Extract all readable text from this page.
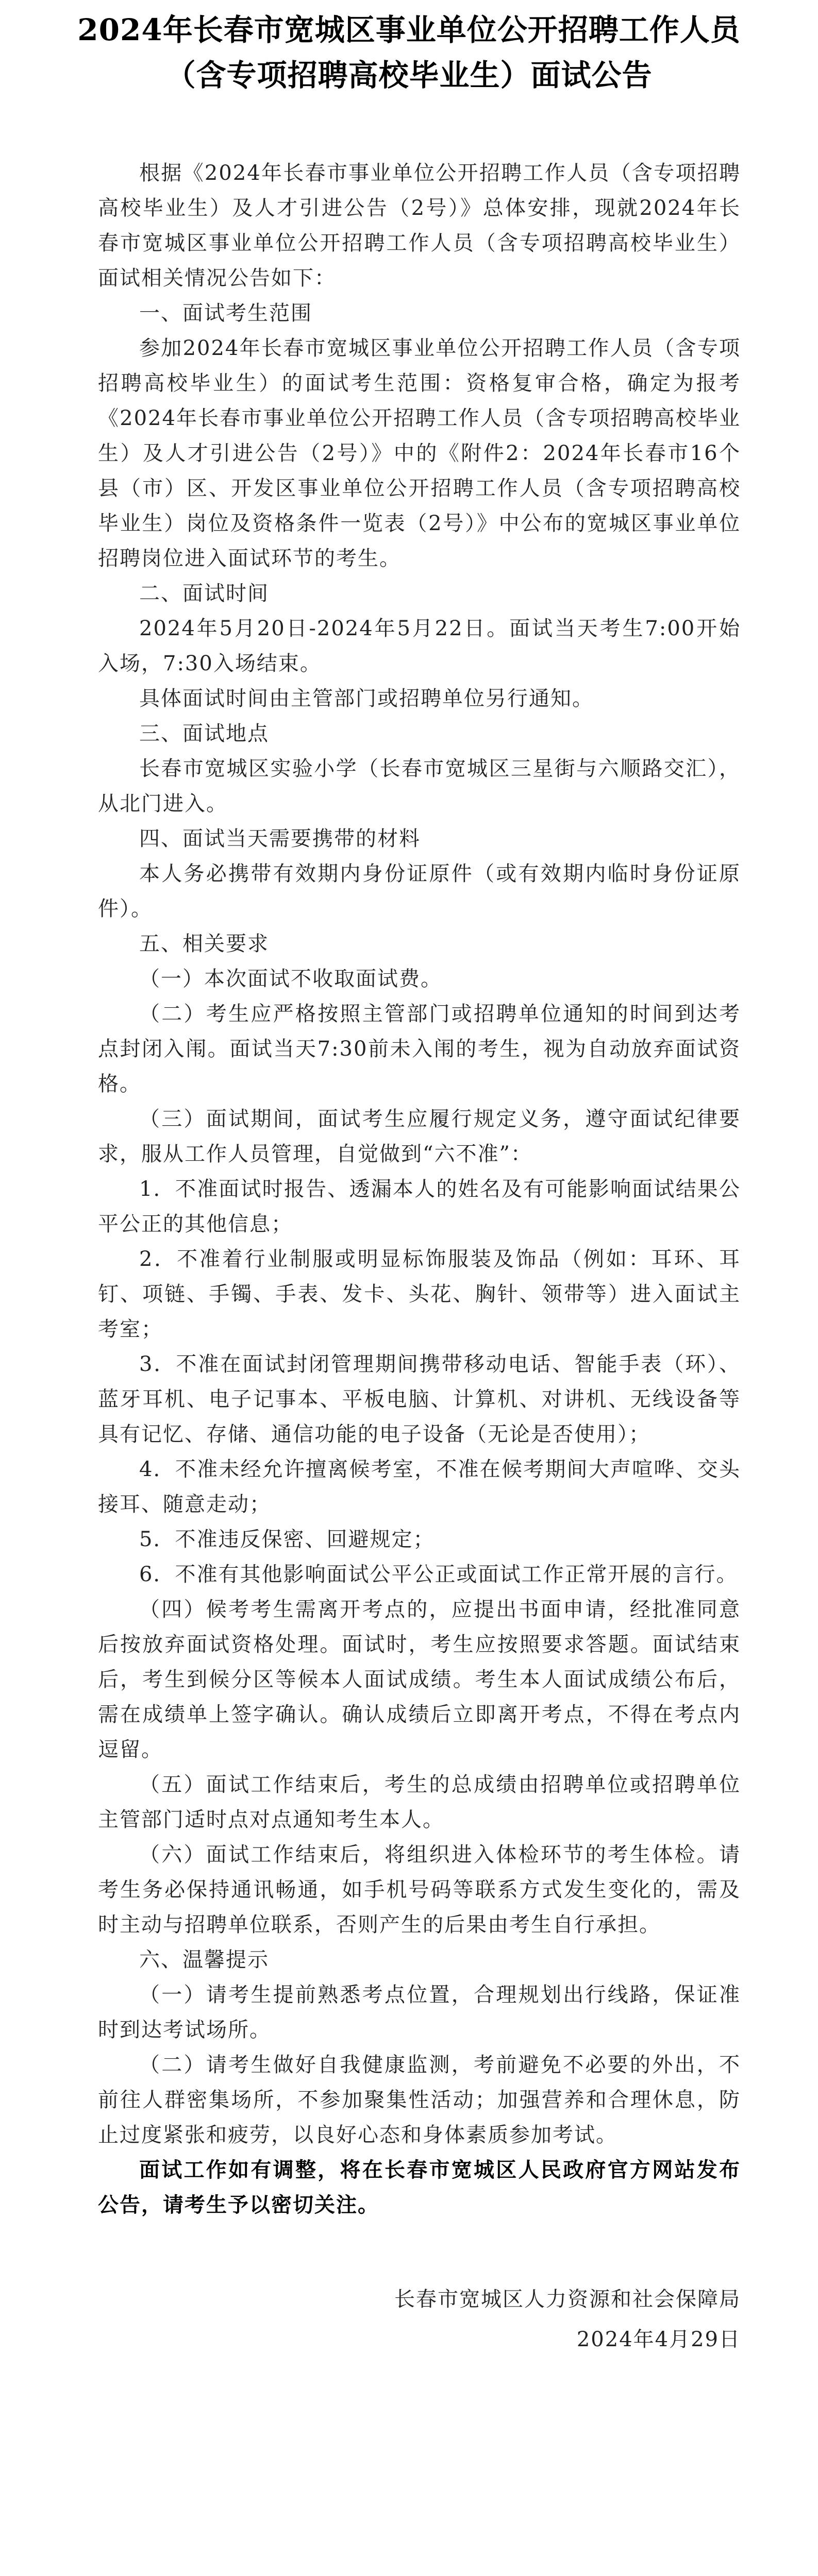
2024年长春市宽城区事业单位公开招聘工作人员（含专项招聘高校毕业生）面试公告

根据《2024年长春市事业单位公开招聘工作人员（含专项招聘高校毕业生）及人才引进公告（2号）》总体安排，现就2024年长春市宽城区事业单位公开招聘工作人员（含专项招聘高校毕业生）面试相关情况公告如下：

一、面试考生范围

参加2024年长春市宽城区事业单位公开招聘工作人员（含专项招聘高校毕业生）的面试考生范围：资格复审合格，确定为报考《2024年长春市事业单位公开招聘工作人员（含专项招聘高校毕业生）及人才引进公告（2号）》中的《附件2：2024年长春市16个县（市）区、开发区事业单位公开招聘工作人员（含专项招聘高校毕业生）岗位及资格条件一览表（2号）》中公布的宽城区事业单位招聘岗位进入面试环节的考生。

二、面试时间

2024年5月20日-2024年5月22日。面试当天考生7:00开始入场，7:30入场结束。

具体面试时间由主管部门或招聘单位另行通知。

三、面试地点

长春市宽城区实验小学（长春市宽城区三星街与六顺路交汇），从北门进入。

四、面试当天需要携带的材料

本人务必携带有效期内身份证原件（或有效期内临时身份证原件）。

五、相关要求

（一）本次面试不收取面试费。

（二）考生应严格按照主管部门或招聘单位通知的时间到达考点封闭入闱。面试当天7:30前未入闱的考生，视为自动放弃面试资格。

（三）面试期间，面试考生应履行规定义务，遵守面试纪律要求，服从工作人员管理，自觉做到“六不准”：

1．不准面试时报告、透漏本人的姓名及有可能影响面试结果公平公正的其他信息；

2．不准着行业制服或明显标饰服装及饰品（例如：耳环、耳钉、项链、手镯、手表、发卡、头花、胸针、领带等）进入面试主考室；

3．不准在面试封闭管理期间携带移动电话、智能手表（环）、蓝牙耳机、电子记事本、平板电脑、计算机、对讲机、无线设备等具有记忆、存储、通信功能的电子设备（无论是否使用）；

4．不准未经允许擅离候考室，不准在候考期间大声喧哗、交头接耳、随意走动；

5．不准违反保密、回避规定；

6．不准有其他影响面试公平公正或面试工作正常开展的言行。

（四）候考考生需离开考点的，应提出书面申请，经批准同意后按放弃面试资格处理。面试时，考生应按照要求答题。面试结束后，考生到候分区等候本人面试成绩。考生本人面试成绩公布后，需在成绩单上签字确认。确认成绩后立即离开考点，不得在考点内逗留。

（五）面试工作结束后，考生的总成绩由招聘单位或招聘单位主管部门适时点对点通知考生本人。

（六）面试工作结束后，将组织进入体检环节的考生体检。请考生务必保持通讯畅通，如手机号码等联系方式发生变化的，需及时主动与招聘单位联系，否则产生的后果由考生自行承担。

六、温馨提示

（一）请考生提前熟悉考点位置，合理规划出行线路，保证准时到达考试场所。

（二）请考生做好自我健康监测，考前避免不必要的外出，不前往人群密集场所，不参加聚集性活动；加强营养和合理休息，防止过度紧张和疲劳，以良好心态和身体素质参加考试。

面试工作如有调整，将在长春市宽城区人民政府官方网站发布公告，请考生予以密切关注。

长春市宽城区人力资源和社会保障局

2024年4月29日
